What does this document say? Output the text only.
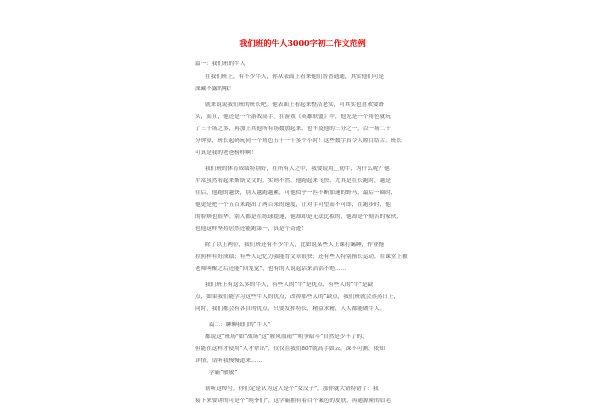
我们班的牛人3000字初二作文范例
篇一：我们班的牛人
在我们班上，有不少牛人，你从表面上看来他们普普通通，其实他们可是
深藏不露的哦！
就来说说我们班的班长吧。他表面上看起来整洁老实，可其实也喜欢耍滑
头，而且，他还是一个游戏高手。在游戏《英雄联盟》中，他光是一个角色就玩
了三千场之多，再加上其他所有场数加起来，也不及他的三分之一，以一场二十
分钟算，班长起码玩同一个角色五千一千多个小时！这些数字真令人瞠目结舌。班长
可真是我的老爸榜样啊！
我们班的体育成绩特别好，在所有人之中，我要说用＿韧牛，为什么呢？他
平常虽然看起来斯斯文文的，实则不然。他跑起来飞快，尤其是在长跑时，越是
往后，他跑的越快，别人越跑越累，可他似乎一匹不断加速的野马，最后一圈时，
他更是把一个五百米跑出了两百米的速度，让对手可望而不可即，在跑步时，他
的脸颊也很华。别人都是在练球提速，他却却是无法比拟的，他却是个刻苦的家伙，
也他这样坚持居然还能跑第一，真是个奇迹！
除了以上两位，我们班还有不少牛人，比如说某些人上课打瞌睡，作业拖
拉照样有好成绩；有些人记忆力强能背文章很快；还有些人特别擅长运动，在课堂上被
老师叫醒之后还能“回笼觉”，也有的人说起话来滔滔不绝……
我们班上有这么多的牛人，有些人的“牛”是优点，有些人的“牛”是缺
点，如果我们能学习这些牛人的优点，改掉那些人的“缺点，我们班就会蒸蒸日上，
同时，我们都会有各自的优点，只要发挥特长，精益求精，人人都能做牛人。
篇二：聊聊我们的“牛人”
都说这“班场”如“战场”这“腥风血雨”“明争暗斗”自然是少不了的，
但能在这样才使用“人才辈出”，仅仅在我们807就高手如云，深不可测，依知
详情，请听我慢慢道来……
学霸“敏敏”
初听这绰号，你们定是认为这人是个“女汉子”，那你就大错特错了：我
接下来要讲的可是个“纯爷们”，这学霸拥有着白个案色的皮肤，再通源密的眉毛
